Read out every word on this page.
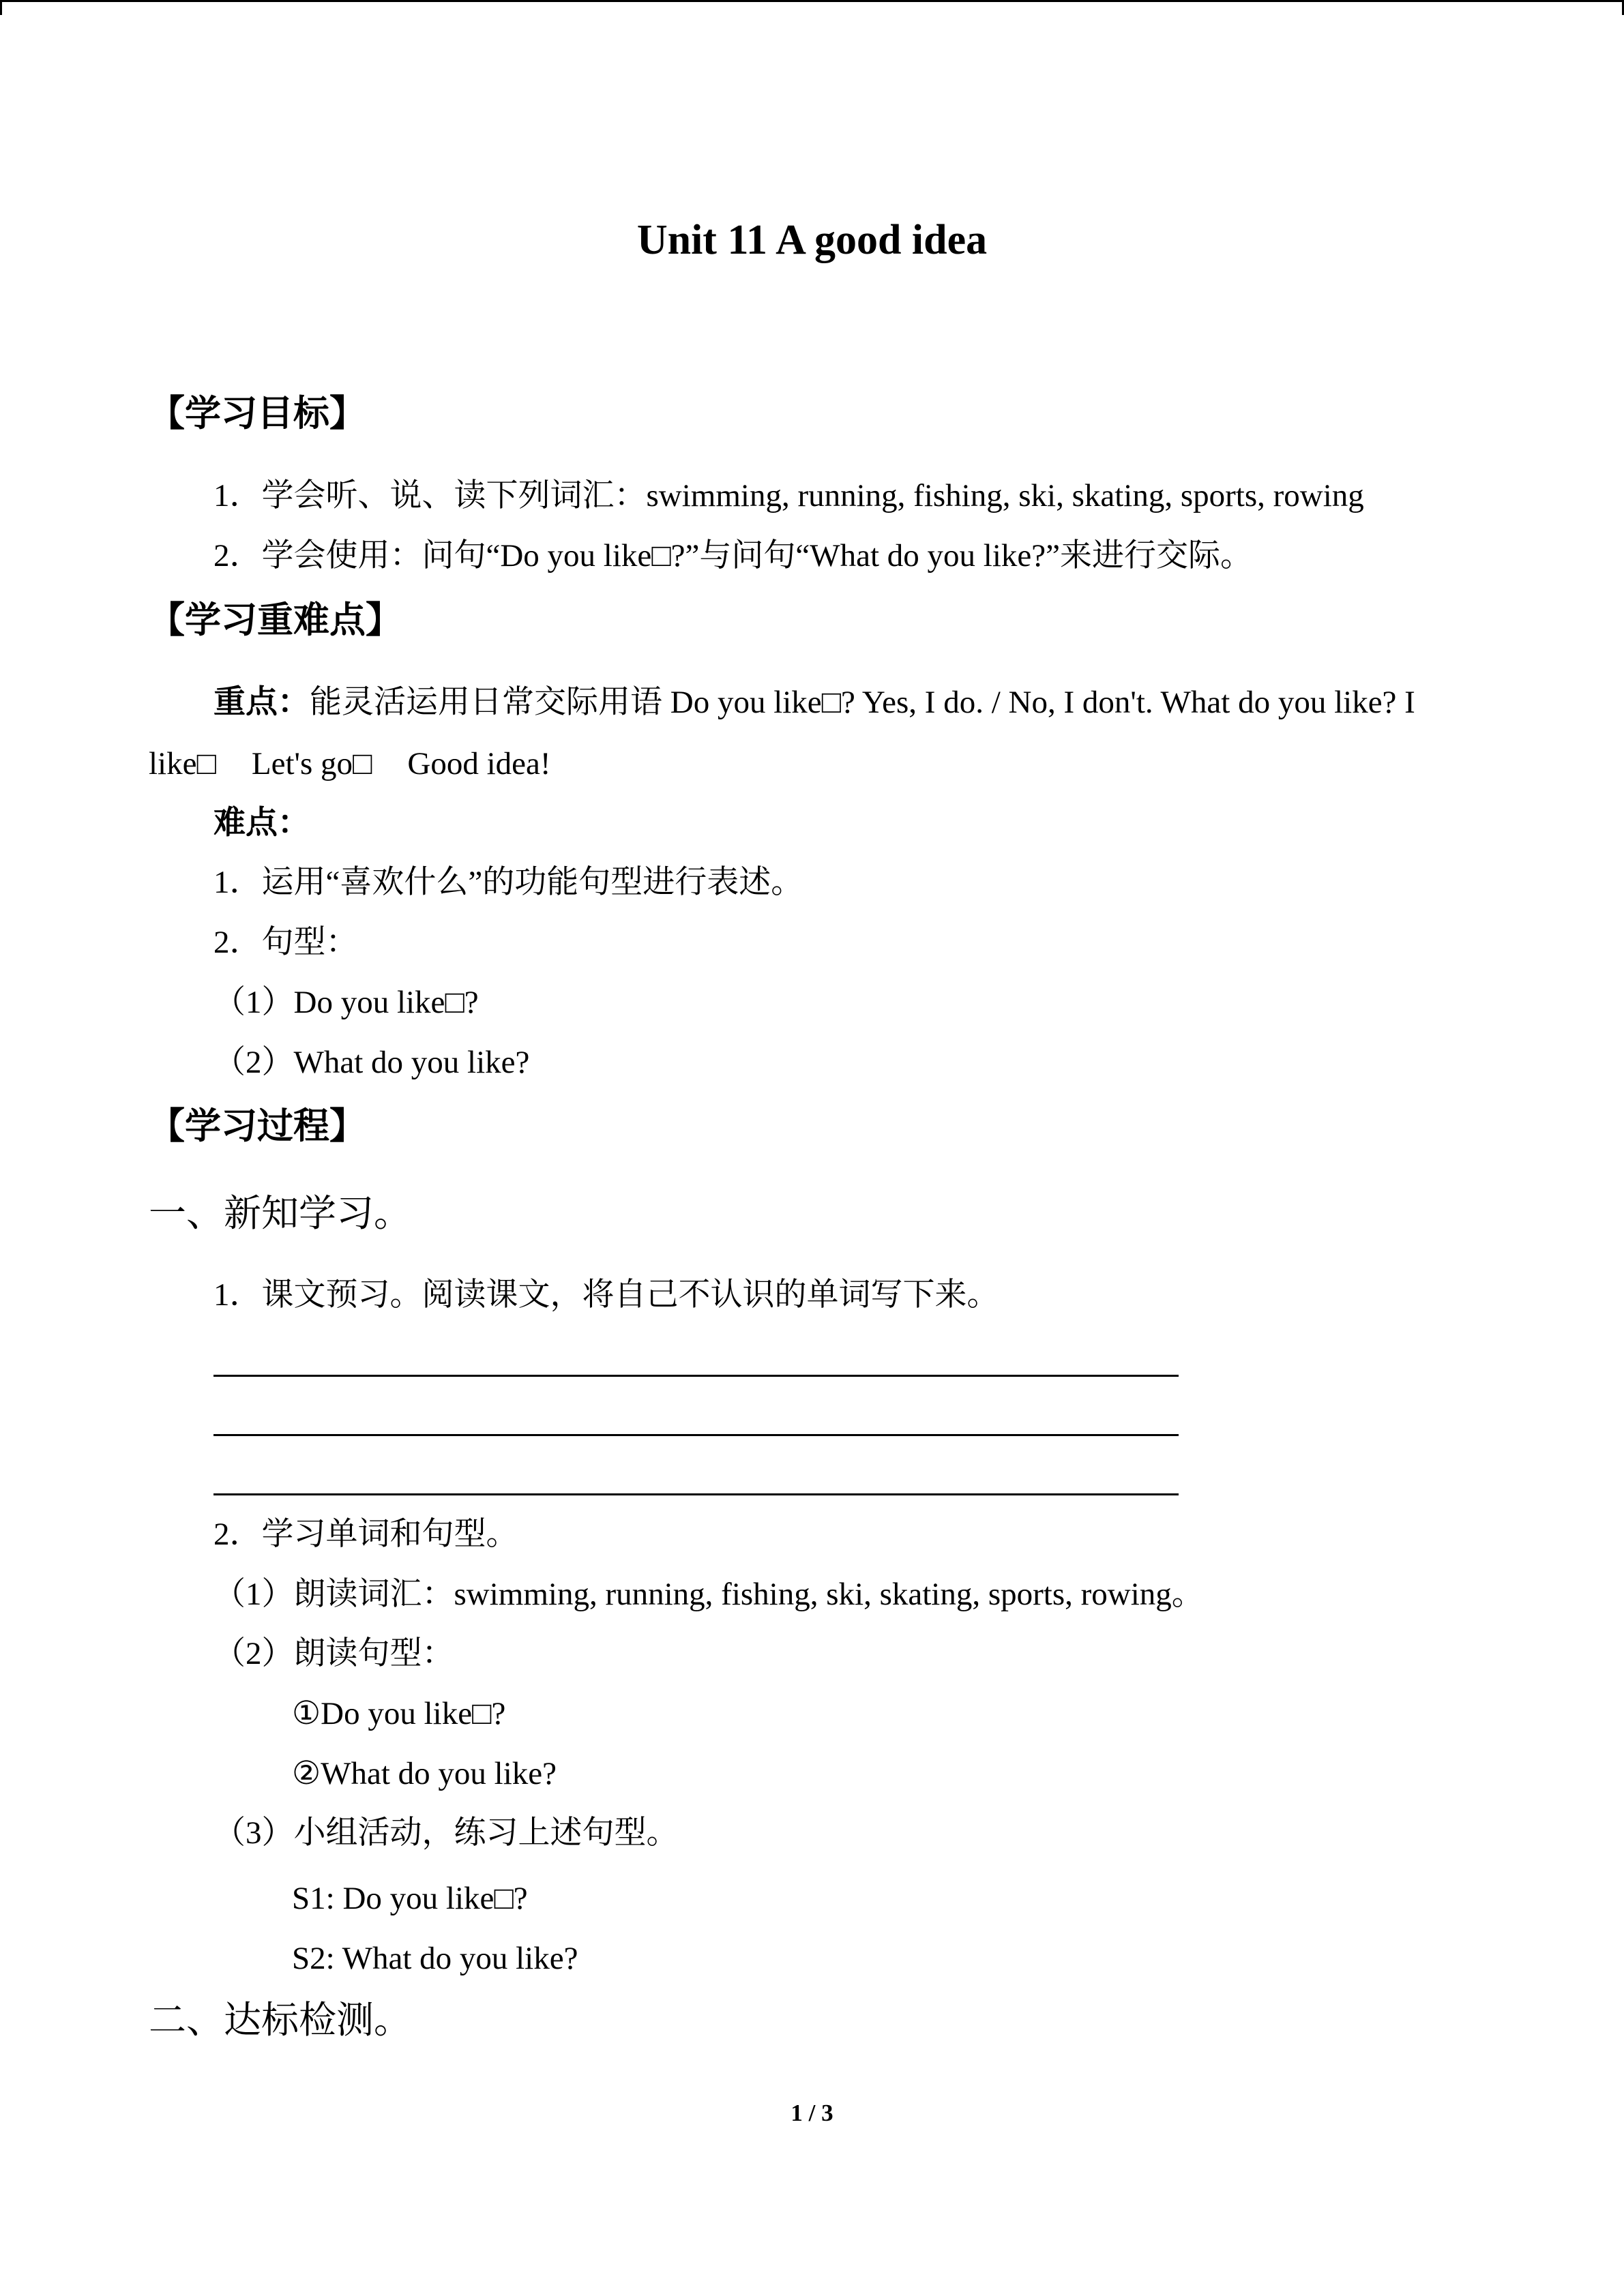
Unit 11 A good idea
【学习目标】
1．学会听、说、读下列词汇：swimming, running, fishing, ski, skating, sports, rowing
2．学会使用：问句“Do you like□?”与问句“What do you like?”来进行交际。
【学习重难点】
重点：能灵活运用日常交际用语 Do you like□? Yes, I do. / No, I don't. What do you like? I
like□ Let's go□ Good idea!
难点：
1．运用“喜欢什么”的功能句型进行表述。
2．句型：
（1）Do you like□?
（2）What do you like?
【学习过程】
一、新知学习。
1．课文预习。阅读课文，将自己不认识的单词写下来。
2．学习单词和句型。
（1）朗读词汇：swimming, running, fishing, ski, skating, sports, rowing。
（2）朗读句型：
①Do you like□?
②What do you like?
（3）小组活动，练习上述句型。
S1: Do you like□?
S2: What do you like?
二、达标检测。
1 / 3
